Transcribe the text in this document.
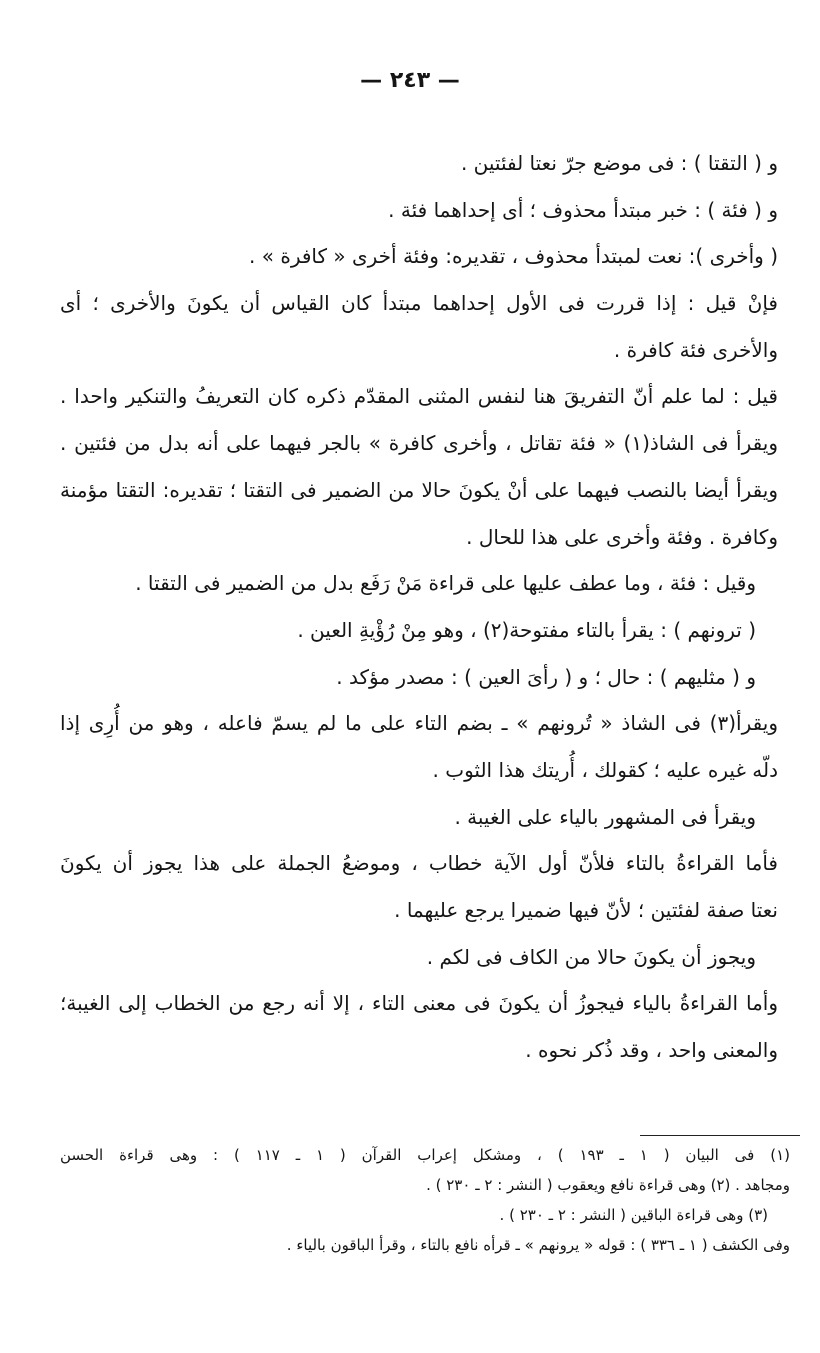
— ٢٤٣ —
و ( التقتا ) : فى موضع جرّ نعتا لفئتين .
و ( فئة ) : خبر مبتدأ محذوف ؛ أى إحداهما فئة .
( وأخرى ): نعت لمبتدأ محذوف ، تقديره: وفئة أخرى « كافرة » .
فإنْ قيل : إذا قررت فى الأول إحداهما مبتدأ كان القياس أن يكونَ والأخرى ؛ أى
والأخرى فئة كافرة .
قيل : لما علم أنّ التفريقَ هنا لنفس المثنى المقدّم ذكره كان التعريفُ والتنكير واحدا .
ويقرأ فى الشاذ(١) « فئة تقاتل ، وأخرى كافرة » بالجر فيهما على أنه بدل من فئتين .
ويقرأ أيضا بالنصب فيهما على أنْ يكونَ حالا من الضمير فى التقتا ؛ تقديره: التقتا مؤمنة
وكافرة . وفئة وأخرى على هذا للحال .
وقيل : فئة ، وما عطف عليها على قراءة مَنْ رَفَع بدل من الضمير فى التقتا .
( ترونهم ) : يقرأ بالتاء مفتوحة(٢) ، وهو مِنْ رُؤْيةِ العين .
و ( مثليهم ) : حال ؛ و ( رأىَ العين ) : مصدر مؤكد .
ويقرأ(٣) فى الشاذ « تُرونهم » ـ بضم التاء على ما لم يسمّ فاعله ، وهو من أُرِى إذا
دلّه غيره عليه ؛ كقولك ، أُريتك هذا الثوب .
ويقرأ فى المشهور بالياء على الغيبة .
فأما القراءةُ بالتاء فلأنّ أول الآية خطاب ، وموضعُ الجملة على هذا يجوز أن يكونَ
نعتا صفة لفئتين ؛ لأنّ فيها ضميرا يرجع عليهما .
ويجوز أن يكونَ حالا من الكاف فى لكم .
وأما القراءةُ بالياء فيجوزُ أن يكونَ فى معنى التاء ، إلا أنه رجع من الخطاب إلى الغيبة؛
والمعنى واحد ، وقد ذُكر نحوه .
(١) فى البيان ( ١ ـ ١٩٣ ) ، ومشكل إعراب القرآن ( ١ ـ ١١٧ ) : وهى قراءة الحسن
ومجاهد . (٢) وهى قراءة نافع ويعقوب ( النشر : ٢ ـ ٢٣٠ ) .
(٣) وهى قراءة الباقين ( النشر : ٢ ـ ٢٣٠ ) .
وفى الكشف ( ١ ـ ٣٣٦ ) : قوله « يرونهم » ـ قرأه نافع بالتاء ، وقرأ الباقون بالياء .
